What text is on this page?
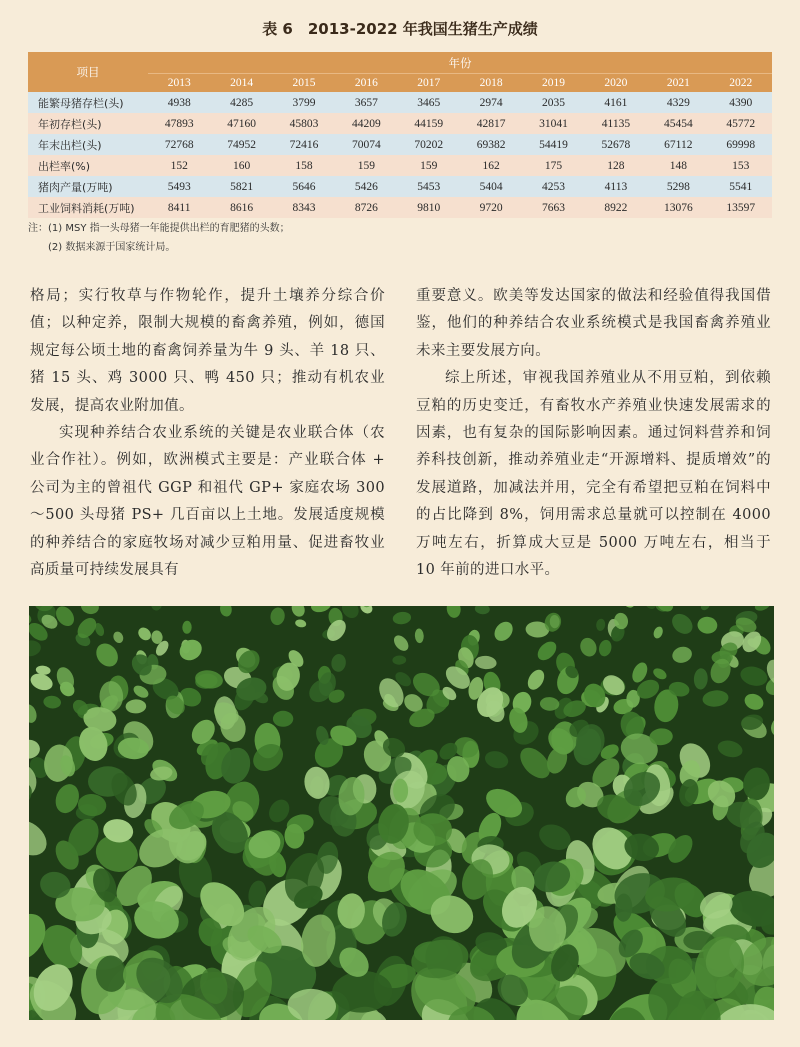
表 6　2013-2022 年我国生猪生产成绩
项目	年份									
	2013	2014	2015	2016	2017	2018	2019	2020	2021	2022
能繁母猪存栏(头)	4938	4285	3799	3657	3465	2974	2035	4161	4329	4390
年初存栏(头)	47893	47160	45803	44209	44159	42817	31041	41135	45454	45772
年末出栏(头)	72768	74952	72416	70074	70202	69382	54419	52678	67112	69998
出栏率(%)	152	160	158	159	159	162	175	128	148	153
猪肉产量(万吨)	5493	5821	5646	5426	5453	5404	4253	4113	5298	5541
工业饲料消耗(万吨)	8411	8616	8343	8726	9810	9720	7663	8922	13076	13597
注：(1) MSY 指一头母猪一年能提供出栏的育肥猪的头数；
　　(2) 数据来源于国家统计局。

格局；实行牧草与作物轮作，提升土壤养分综合价值；以种定养，限制大规模的畜禽养殖，例如，德国规定每公顷土地的畜禽饲养量为牛 9 头、羊 18 只、猪 15 头、鸡 3000 只、鸭 450 只；推动有机农业发展，提高农业附加值。

实现种养结合农业系统的关键是农业联合体（农业合作社）。例如，欧洲模式主要是：产业联合体 + 公司为主的曾祖代 GGP 和祖代 GP+ 家庭农场 300～500 头母猪 PS+ 几百亩以上土地。发展适度规模的种养结合的家庭牧场对减少豆粕用量、促进畜牧业高质量可持续发展具有

重要意义。欧美等发达国家的做法和经验值得我国借鉴，他们的种养结合农业系统模式是我国畜禽养殖业未来主要发展方向。

综上所述，审视我国养殖业从不用豆粕，到依赖豆粕的历史变迁，有畜牧水产养殖业快速发展需求的因素，也有复杂的国际影响因素。通过饲料营养和饲养科技创新，推动养殖业走“开源增料、提质增效”的发展道路，加减法并用，完全有希望把豆粕在饲料中的占比降到 8%，饲用需求总量就可以控制在 4000 万吨左右，折算成大豆是 5000 万吨左右，相当于 10 年前的进口水平。
